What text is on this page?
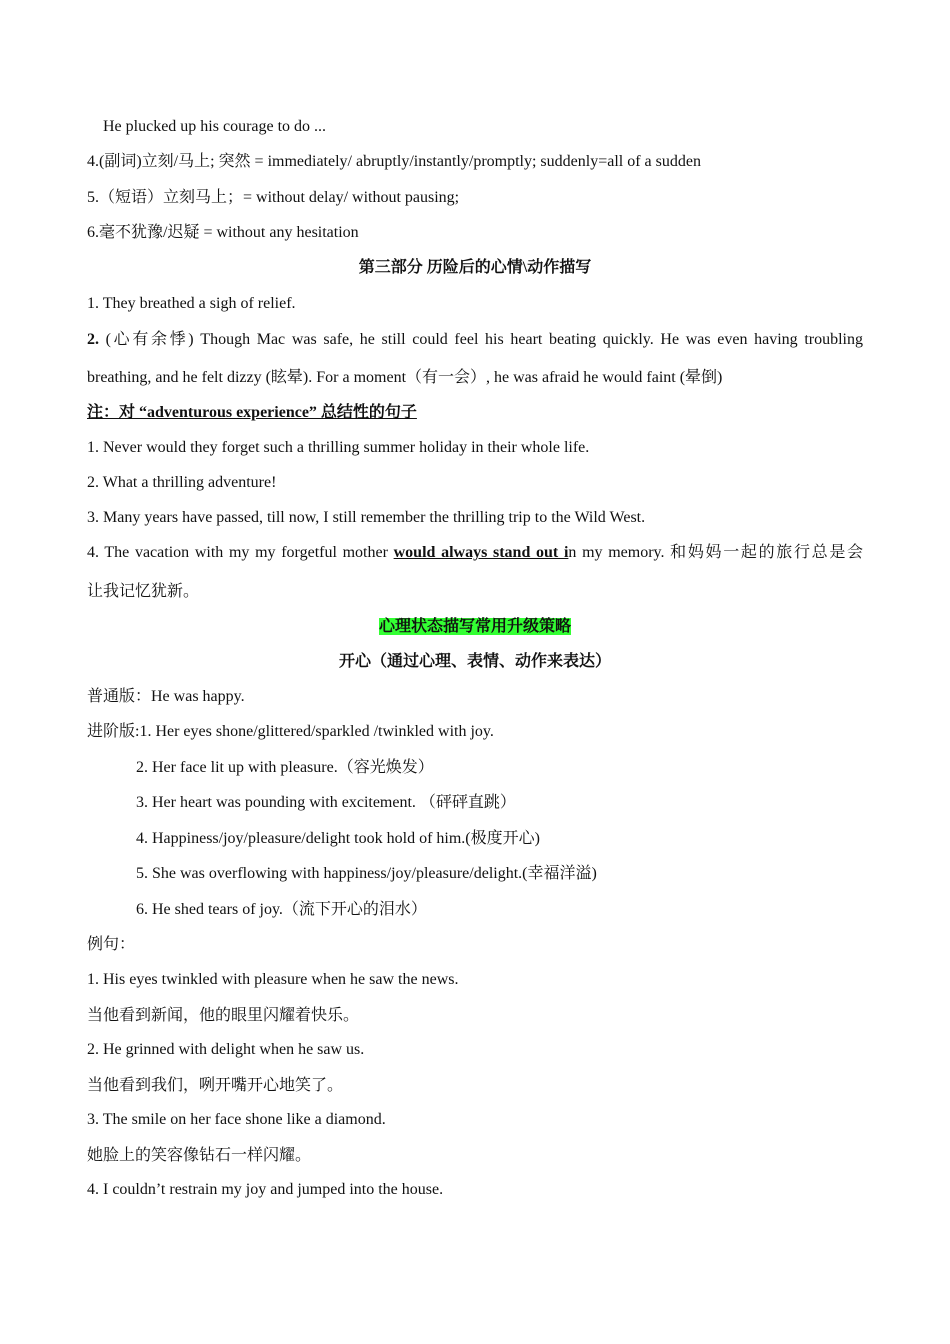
He plucked up his courage to do ...
4.(副词)立刻/马上; 突然 = immediately/ abruptly/instantly/promptly; suddenly=all of a sudden
5.（短语）立刻马上；= without delay/ without pausing;
6.毫不犹豫/迟疑 = without any hesitation
第三部分 历险后的心情\动作描写
1. They breathed a sigh of relief.
2. (心有余悸) Though Mac was safe, he still could feel his heart beating quickly. He was even having troubling
breathing, and he felt dizzy (眩晕). For a moment（有一会）, he was afraid he would faint (晕倒)
注：对 “adventurous experience” 总结性的句子
1. Never would they forget such a thrilling summer holiday in their whole life.
2. What a thrilling adventure!
3. Many years have passed, till now, I still remember the thrilling trip to the Wild West.
4. The vacation with my my forgetful mother would always stand out in my memory. 和妈妈一起的旅行总是会
让我记忆犹新。
心理状态描写常用升级策略
开心（通过心理、表情、动作来表达）
普通版：He was happy.
进阶版:1. Her eyes shone/glittered/sparkled /twinkled with joy.
2. Her face lit up with pleasure.（容光焕发）
3. Her heart was pounding with excitement. （砰砰直跳）
4. Happiness/joy/pleasure/delight took hold of him.(极度开心)
5. She was overflowing with happiness/joy/pleasure/delight.(幸福洋溢)
6. He shed tears of joy.（流下开心的泪水）
例句：
1. His eyes twinkled with pleasure when he saw the news.
当他看到新闻，他的眼里闪耀着快乐。
2. He grinned with delight when he saw us.
当他看到我们，咧开嘴开心地笑了。
3. The smile on her face shone like a diamond.
她脸上的笑容像钻石一样闪耀。
4. I couldn’t restrain my joy and jumped into the house.
